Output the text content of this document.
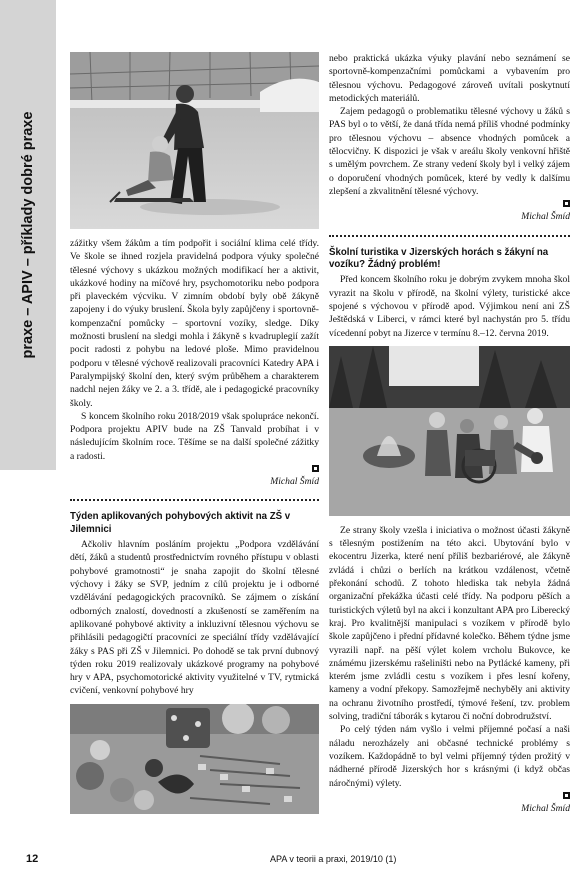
praxe – APIV – příklady dobré praxe	zážitky všem žákům a tím podpořit i sociální klima celé třídy. Ve škole se ihned rozjela pravidelná podpora výuky společné tělesné výchovy s ukázkou možných modifikací her a aktivit, ukázkové hodiny na míčové hry, psychomotoriku nebo podpora při plaveckém výcviku. V zimním období byly obě žákyně zapojeny i do výuky bruslení. Škola byly zapůjčeny i sportovně-kompenzační pomůcky – sportovní vozíky, sledge. Díky možnosti bruslení na sledgi mohla i žákyně s kvadruplegií zažít pocit radosti z pohybu na ledové ploše. Mimo pravidelnou podporu v tělesné výchově realizovali pracovníci Katedry APA i Paralympijský školní den, který svým průběhem a charakterem nadchl nejen žáky ve 2. a 3. třídě, ale i pedagogické pracovníky školy.

S koncem školního roku 2018/2019 však spolupráce nekončí. Podpora projektu APIV bude na ZŠ Tanvald probíhat i v následujícím školním roce. Těšíme se na další společné zážitky a radosti.

Michal Šmíd
Týden aplikovaných pohybových aktivit na ZŠ v Jilemnici

Ačkoliv hlavním posláním projektu „Podpora vzdělávání dětí, žáků a studentů prostřednictvím rovného přístupu v oblasti pohybové gramotnosti“ je snaha zapojit do školní tělesné výchovy i žáky se SVP, jedním z cílů projektu je i odborné vzdělávání pedagogických pracovníků. Se zájmem o získání odborných znalostí, dovedností a zkušeností se zaměřením na aplikované pohybové aktivity a inkluzivní tělesnou výchovu se přihlásili pedagogičtí pracovníci ze speciální třídy vzdělávající žáky s PAS při ZŠ v Jilemnici. Po dohodě se tak první dubnový týden roku 2019 realizovaly ukázkové programy na pohybové hry v APA, psychomotorické aktivity využitelné v TV, rytmická cvičení, venkovní pohybové hry

nebo praktická ukázka výuky plavání nebo seznámení se sportovně-kompenzačními pomůckami a vybavením pro tělesnou výchovu. Pedagogové zároveň uvítali poskytnutí metodických materiálů.

Zajem pedagogů o problematiku tělesné výchovy u žáků s PAS byl o to větší, že daná třída nemá příliš vhodné podmínky pro tělesnou výchovu – absence vhodných pomůcek a tělocvičny. K dispozici je však v areálu školy venkovní hřiště s umělým povrchem. Ze strany vedení školy byl i velký zájem o doporučení vhodných pomůcek, které by vedly k dalšímu zlepšení a zkvalitnění tělesné výchovy.

Michal Šmíd
Školní turistika v Jizerských horách s žákyní na vozíku? Žádný problém!

Před koncem školního roku je dobrým zvykem mnoha škol vyrazit na školu v přírodě, na školní výlety, turistické akce spojené s výchovou v přírodě apod. Výjimkou není ani ZŠ Ještědská v Liberci, v rámci které byl nachystán pro 5. třídu vícedenní pobyt na Jizerce v termínu 8.–12. června 2019.

Ze strany školy vzešla i iniciativa o možnost účasti žákyně s tělesným postižením na této akci. Ubytování bylo v ekocentru Jizerka, které není příliš bezbariérové, ale žákyně zvládá i chůzi o berlích na krátkou vzdálenost, včetně překonání schodů. Z tohoto hlediska tak nebyla žádná organizační překážka účasti celé třídy. Na podporu pěších a turistických výletů byl na akci i konzultant APA pro Liberecký kraj. Pro kvalitnější manipulaci s vozíkem v přírodě bylo škole zapůjčeno i přední přídavné kolečko. Během týdne jsme vyrazili např. na pěší výlet kolem vrcholu Bukovce, ke známému jizerskému rašeliništi nebo na Pytlácké kameny, při kterém jsme zvládli cestu s vozíkem i přes lesní kořeny, kameny a vodní překopy. Samozřejmě nechyběly ani aktivity na ochranu životního prostředí, týmové řešení, tzv. problem solving, tradiční táborák s kytarou či noční dobrodružství.

Po celý týden nám vyšlo i velmi příjemné počasí a naši náladu nerozházely ani občasné technické problémy s vozíkem. Každopádně to byl velmi příjemný týden prožitý v nádherné přírodě Jizerských hor s krásnými (i když občas náročnými) výlety.

Michal Šmíd
12	APA v teorii a praxi, 2019/10 (1)
